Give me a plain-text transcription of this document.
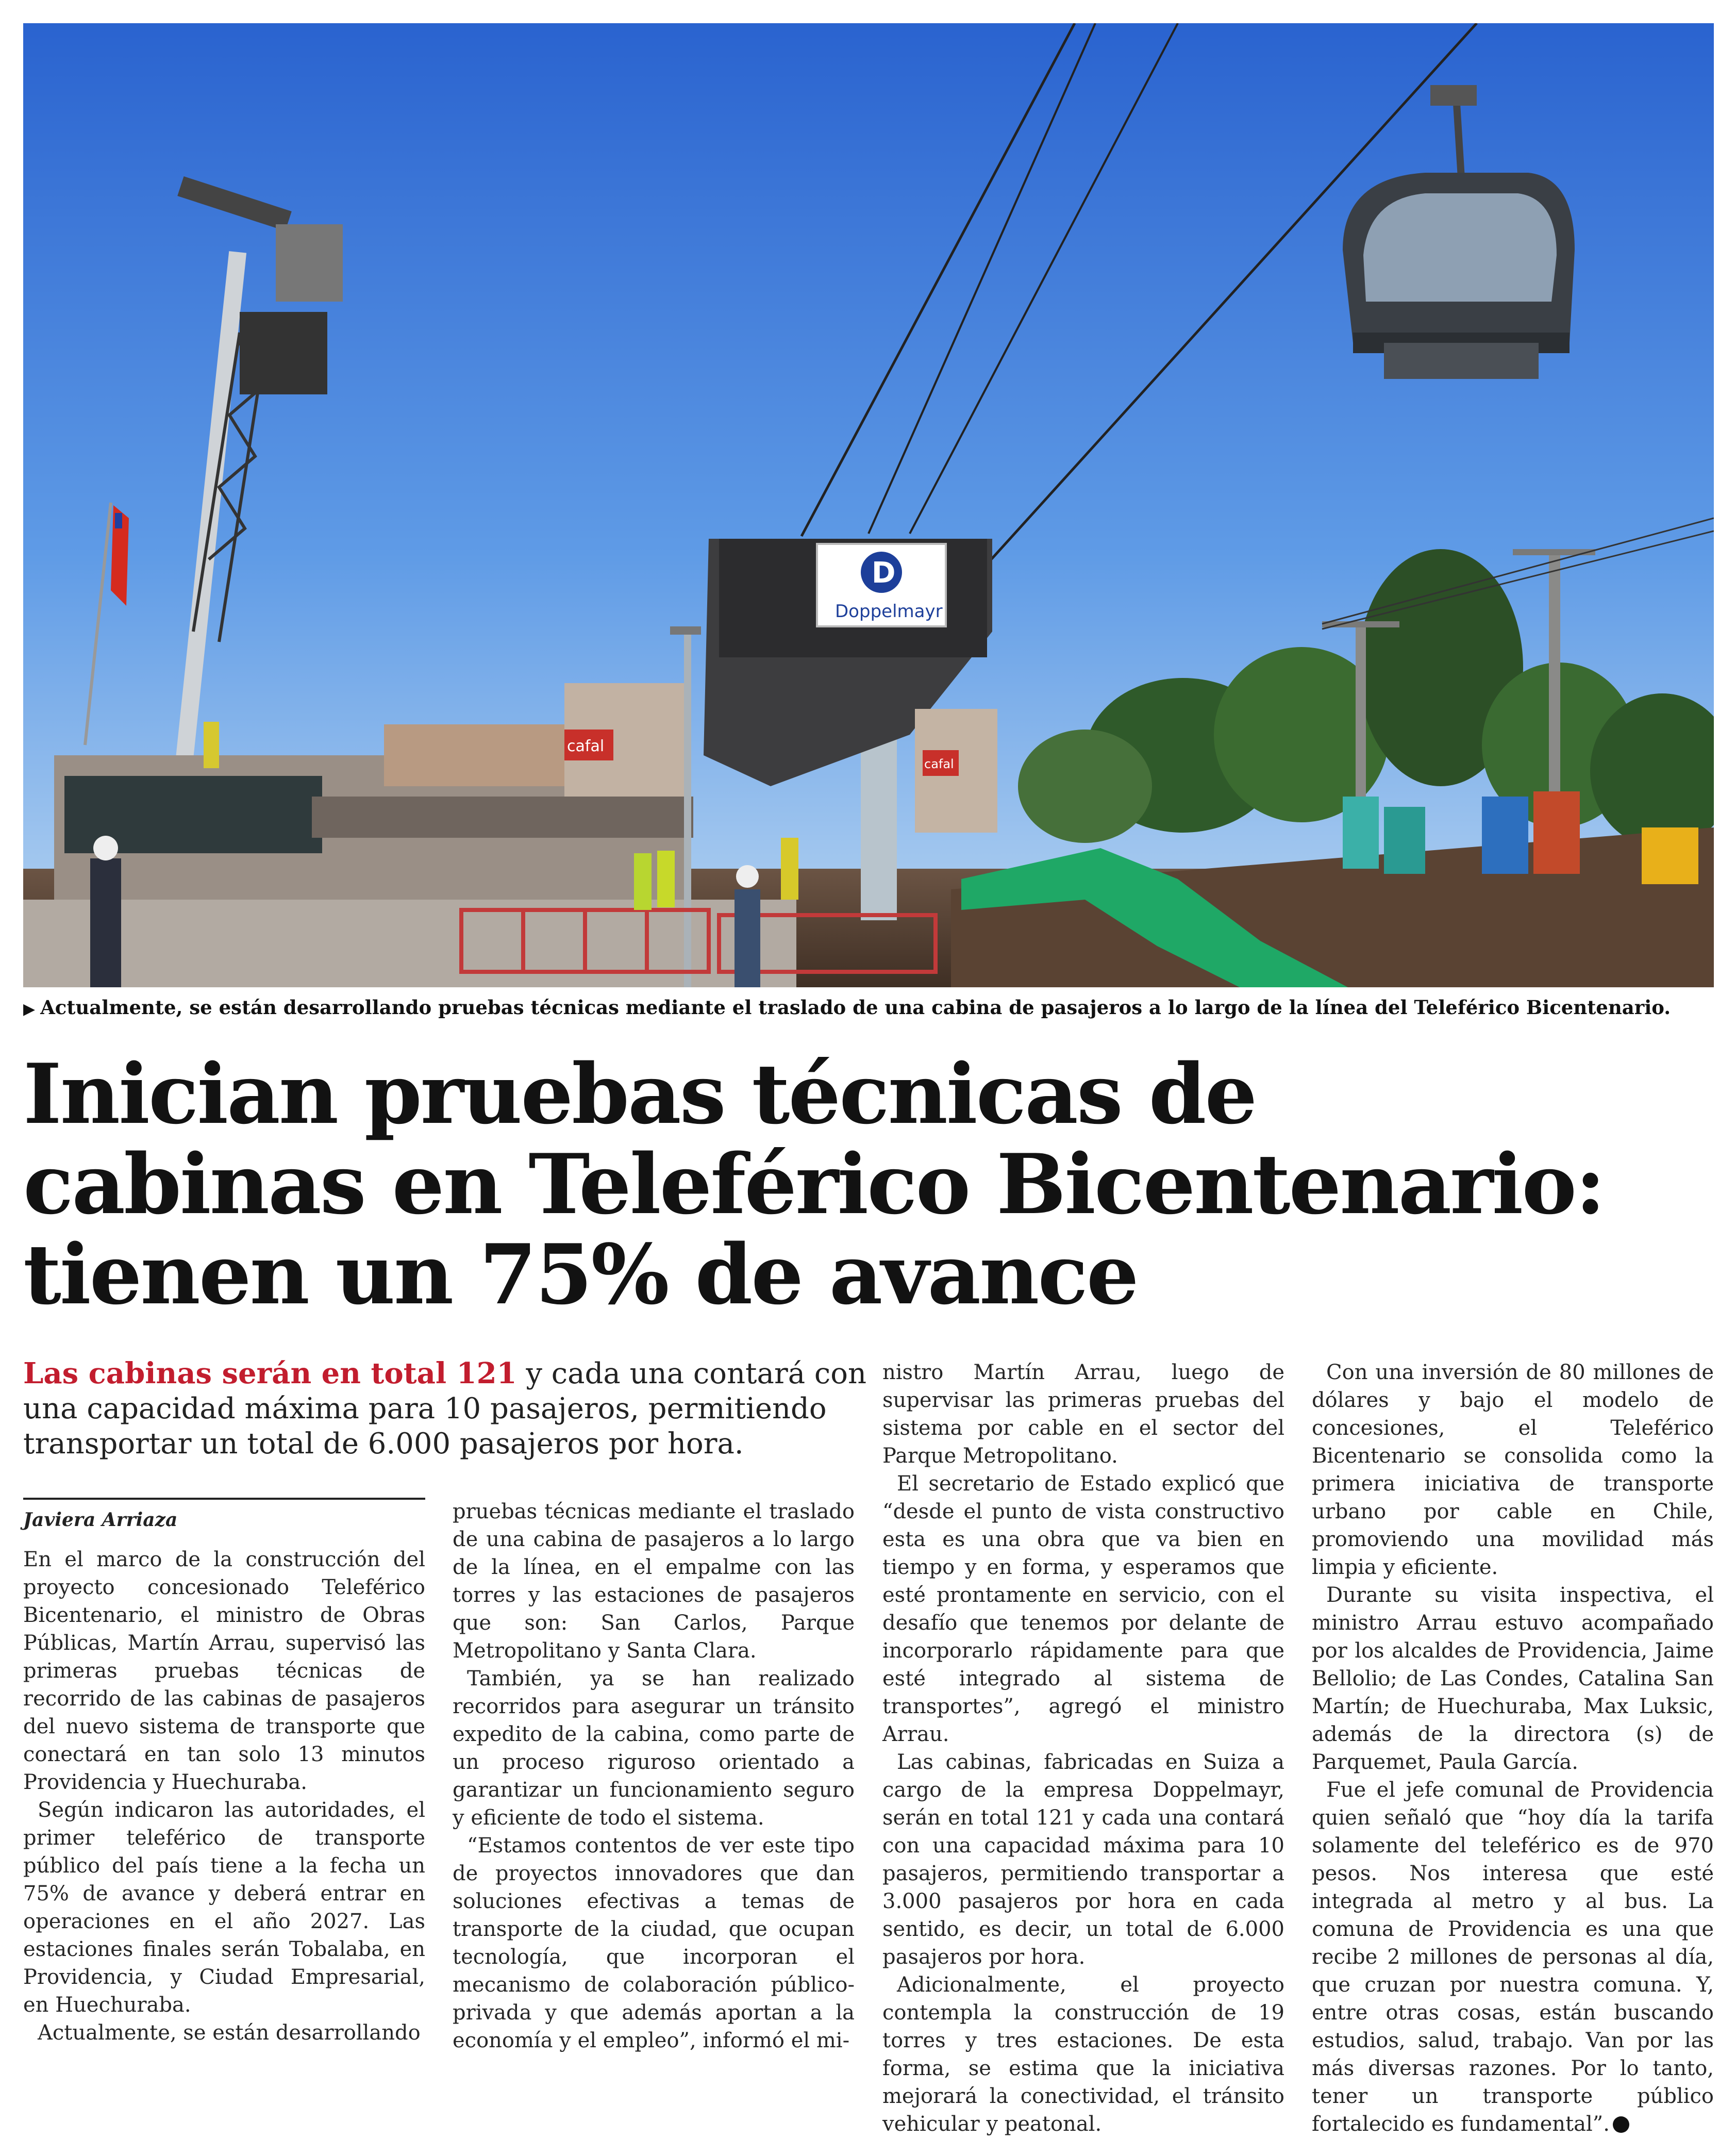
cafal
D
Doppelmayr
cafal
▶ Actualmente, se están desarrollando pruebas técnicas mediante el traslado de una cabina de pasajeros a lo largo de la línea del Teleférico Bicentenario.
Inician pruebas técnicas de
cabinas en Teleférico Bicentenario:
tienen un 75% de avance
Las cabinas serán en total 121 y cada una contará con una capacidad máxima para 10 pasajeros, permitiendo transportar un total de 6.000 pasajeros por hora.
Javiera Arriaza

En el marco de la construcción del proyecto concesionado Teleférico Bicentenario, el ministro de Obras Públicas, Martín Arrau, supervisó las primeras pruebas técnicas de recorrido de las cabinas de pasajeros del nuevo sistema de transporte que conectará en tan solo 13 minutos Providencia y Huechuraba.

Según indicaron las autoridades, el primer teleférico de transporte público del país tiene a la fecha un 75% de avance y deberá entrar en operaciones en el año 2027. Las estaciones finales serán Tobalaba, en Providencia, y Ciudad Empresarial, en Huechuraba.

Actualmente, se están desarrollando

pruebas técnicas mediante el traslado de una cabina de pasajeros a lo largo de la línea, en el empalme con las torres y las estaciones de pasajeros que son: San Carlos, Parque Metropolitano y Santa Clara.

También, ya se han realizado recorridos para asegurar un tránsito expedito de la cabina, como parte de un proceso riguroso orientado a garantizar un funcionamiento seguro y eficiente de todo el sistema.

“Estamos contentos de ver este tipo de proyectos innovadores que dan soluciones efectivas a temas de transporte de la ciudad, que ocupan tecnología, que incorporan el mecanismo de colaboración público-privada y que además aportan a la economía y el empleo”, informó el mi-

nistro Martín Arrau, luego de supervisar las primeras pruebas del sistema por cable en el sector del Parque Metropolitano.

El secretario de Estado explicó que “desde el punto de vista constructivo esta es una obra que va bien en tiempo y en forma, y esperamos que esté prontamente en servicio, con el desafío que tenemos por delante de incorporarlo rápidamente para que esté integrado al sistema de transportes”, agregó el ministro Arrau.

Las cabinas, fabricadas en Suiza a cargo de la empresa Doppelmayr, serán en total 121 y cada una contará con una capacidad máxima para 10 pasajeros, permitiendo transportar a 3.000 pasajeros por hora en cada sentido, es decir, un total de 6.000 pasajeros por hora.

Adicionalmente, el proyecto contempla la construcción de 19 torres y tres estaciones. De esta forma, se estima que la iniciativa mejorará la conectividad, el tránsito vehicular y peatonal.

Con una inversión de 80 millones de dólares y bajo el modelo de concesiones, el Teleférico Bicentenario se consolida como la primera iniciativa de transporte urbano por cable en Chile, promoviendo una movilidad más limpia y eficiente.

Durante su visita inspectiva, el ministro Arrau estuvo acompañado por los alcaldes de Providencia, Jaime Bellolio; de Las Condes, Catalina San Martín; de Huechuraba, Max Luksic, además de la directora (s) de Parquemet, Paula García.

Fue el jefe comunal de Providencia quien señaló que “hoy día la tarifa solamente del teleférico es de 970 pesos. Nos interesa que esté integrada al metro y al bus. La comuna de Providencia es una que recibe 2 millones de personas al día, que cruzan por nuestra comuna. Y, entre otras cosas, están buscando estudios, salud, trabajo. Van por las más diversas razones. Por lo tanto, tener un transporte público fortalecido es fundamental”.
